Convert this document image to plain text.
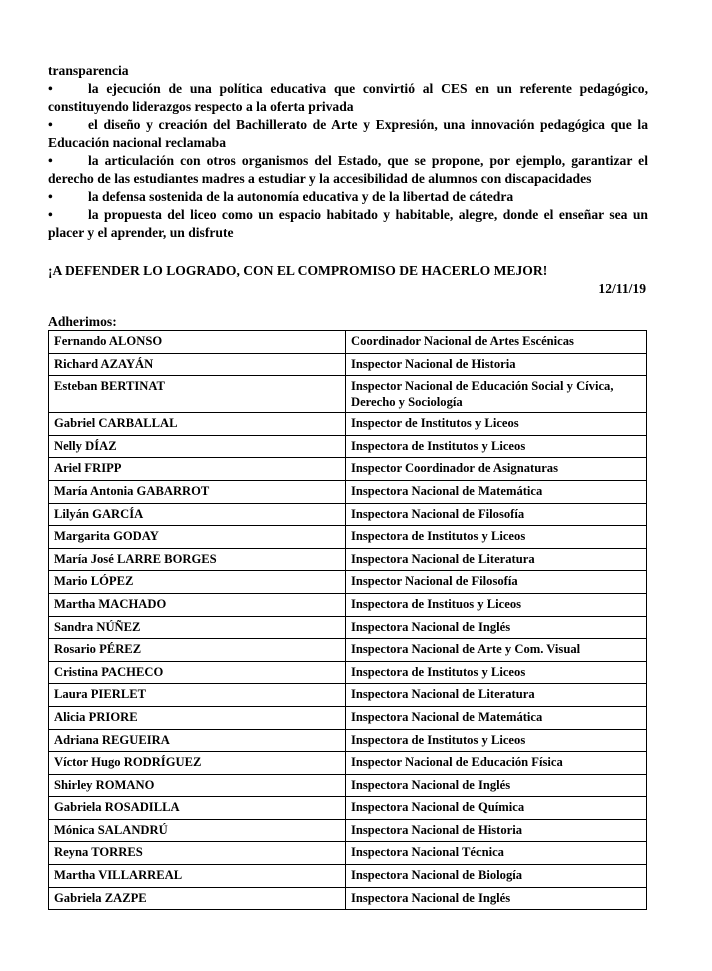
transparencia
•	la ejecución de una política educativa que convirtió al CES en un referente pedagógico,
constituyendo liderazgos respecto a la oferta privada
•	el diseño y creación del Bachillerato de Arte y Expresión, una innovación pedagógica que la
Educación nacional reclamaba
•	la articulación con otros organismos del Estado, que se propone, por ejemplo, garantizar el
derecho de las estudiantes madres a estudiar y la accesibilidad de alumnos con discapacidades
•	la defensa sostenida de la autonomía educativa y de la libertad de cátedra
•	la propuesta del liceo como un espacio habitado y habitable, alegre, donde el enseñar sea un
placer y el aprender, un disfrute
¡A DEFENDER LO LOGRADO, CON EL COMPROMISO DE HACERLO MEJOR!
12/11/19
Adherimos:
Fernando ALONSO	Coordinador Nacional de Artes Escénicas
Richard AZAYÁN	Inspector Nacional de Historia
Esteban BERTINAT	Inspector Nacional de Educación Social y Cívica, Derecho y Sociología
Gabriel CARBALLAL	Inspector de Institutos y Liceos
Nelly DÍAZ	Inspectora de Institutos y Liceos
Ariel FRIPP	Inspector Coordinador de Asignaturas
María Antonia GABARROT	Inspectora Nacional de Matemática
Lilyán GARCÍA	Inspectora Nacional de Filosofía
Margarita GODAY	Inspectora de Institutos y Liceos
María José LARRE BORGES	Inspectora Nacional de Literatura
Mario LÓPEZ	Inspector Nacional de Filosofía
Martha MACHADO	Inspectora de Instituos y Liceos
Sandra NÚÑEZ	Inspectora Nacional de Inglés
Rosario PÉREZ	Inspectora Nacional de Arte y Com. Visual
Cristina PACHECO	Inspectora de Institutos y Liceos
Laura PIERLET	Inspectora Nacional de Literatura
Alicia PRIORE	Inspectora Nacional de Matemática
Adriana REGUEIRA	Inspectora de Institutos y Liceos
Víctor Hugo RODRÍGUEZ	Inspector Nacional de Educación Física
Shirley ROMANO	Inspectora Nacional de Inglés
Gabriela ROSADILLA	Inspectora Nacional de Química
Mónica SALANDRÚ	Inspectora Nacional de Historia
Reyna TORRES	Inspectora Nacional Técnica
Martha VILLARREAL	Inspectora Nacional de Biología
Gabriela ZAZPE	Inspectora Nacional de Inglés
